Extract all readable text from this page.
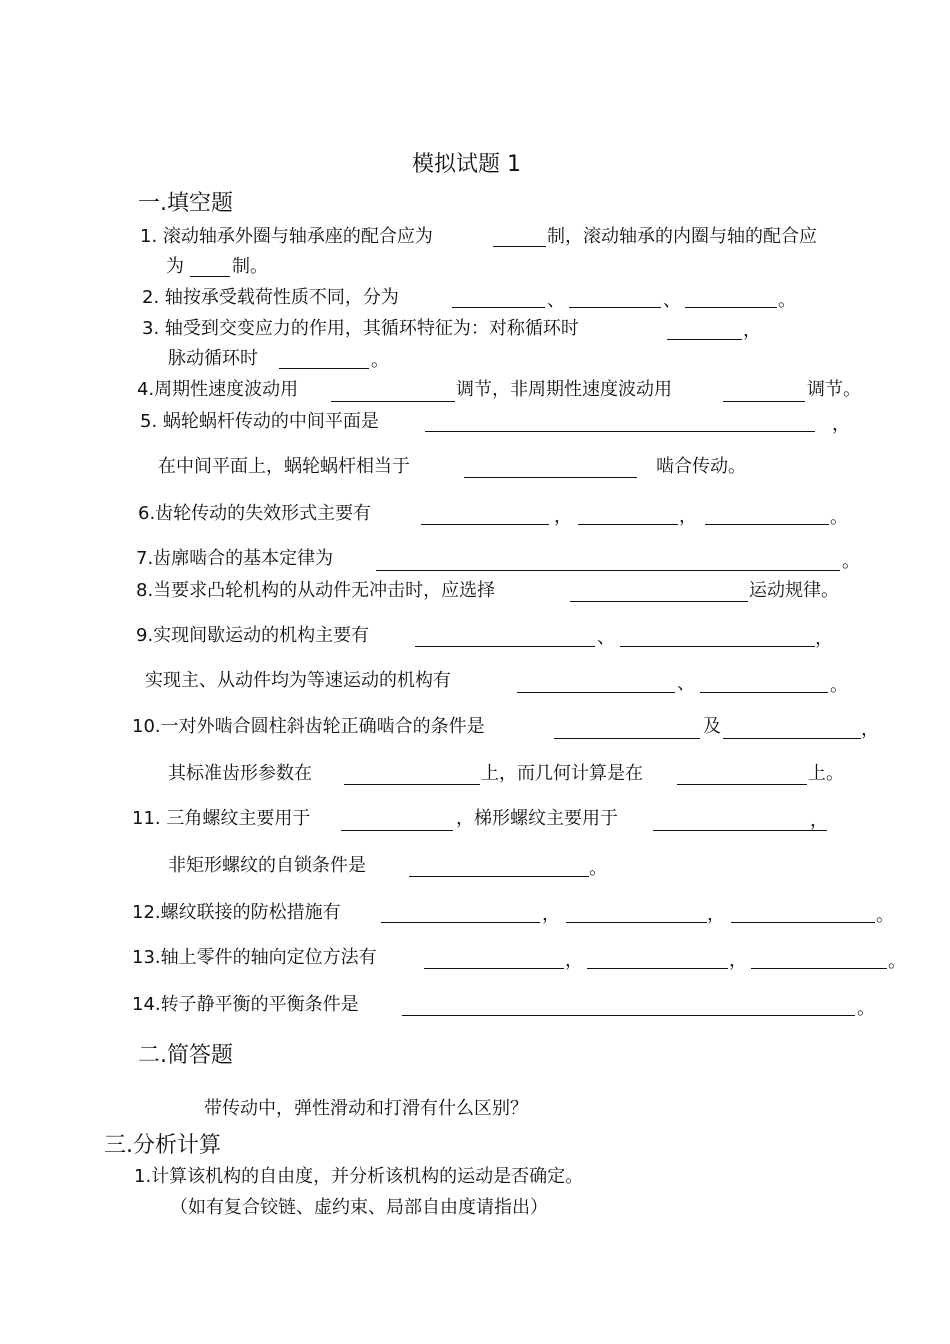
模拟试题 1
一.填空题
1. 滚动轴承外圈与轴承座的配合应为	制，滚动轴承的内圈与轴的配合应
为	制。
2. 轴按承受载荷性质不同，分为	、	、	。
3. 轴受到交变应力的作用，其循环特征为：对称循环时	，
脉动循环时	。
4.周期性速度波动用	调节，非周期性速度波动用	调节。
5. 蜗轮蜗杆传动的中间平面是	，
在中间平面上，蜗轮蜗杆相当于	啮合传动。
6.齿轮传动的失效形式主要有	，	，	。
7.齿廓啮合的基本定律为	。
8.当要求凸轮机构的从动件无冲击时，应选择	运动规律。
9.实现间歇运动的机构主要有	、	，
实现主、从动件均为等速运动的机构有	、	。
10.一对外啮合圆柱斜齿轮正确啮合的条件是	及	，
其标准齿形参数在	上，而几何计算是在	上。
11. 三角螺纹主要用于	，梯形螺纹主要用于	，
非矩形螺纹的自锁条件是	。
12.螺纹联接的防松措施有	，	，	。
13.轴上零件的轴向定位方法有	，	，	。
14.转子静平衡的平衡条件是	。
二.简答题
带传动中，弹性滑动和打滑有什么区别？
三.分析计算
1.计算该机构的自由度，并分析该机构的运动是否确定。
（如有复合铰链、虚约束、局部自由度请指出）
